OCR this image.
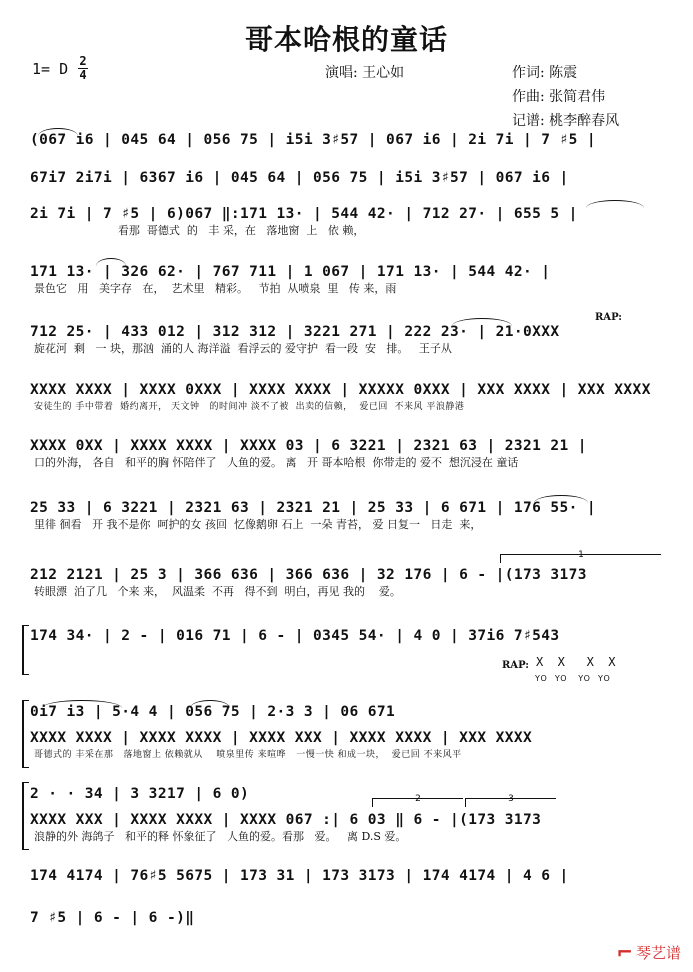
哥本哈根的童话
1= D 2
4	演唱: 王心如	作词: 陈震
作曲: 张简君伟
记谱: 桃李醉春风
(067 i6 | 045 64 | 056 75 | i5i 3♯57 | 067 i6 | 2i 7i | 7 ♯5 |
67i7 2i7i | 6367 i6 | 045 64 | 056 75 | i5i 3♯57 | 067 i6 |
2i 7i | 7 ♯5 | 6)067 ‖:171 13· | 544 42· | 712 27· | 655 5 |
看那  哥德式  的   丰 采，在   落地窗  上   依 赖，
171 13· | 326 62· | 767 711 | 1 067 | 171 13· | 544 42· |
景色它   用   美字存   在，  艺术里   精彩。   节拍  从喷泉  里   传 来，雨
RAP:
712 25· | 433 012 | 312 312 | 3221 271 | 222 23· | 21·0XXX
旋花河  剩   一 块，那汹  涌的人 海洋溢  看浮云的 爱守护  看一段  安   排。   王子从
XXXX XXXX | XXXX 0XXX | XXXX XXXX | XXXXX 0XXX | XXX XXXX | XXX XXXX
安徒生的 手中带着  婚约离开， 天文钟   的时间冲 淡不了被  出卖的信赖，  爱已回  不来风 平浪静港
XXXX 0XX | XXXX XXXX | XXXX 03 | 6 3221 | 2321 63 | 2321 21 |
口的外海， 各自   和平的胸 怀陪伴了   人鱼的爱。 离   开 哥本哈根  你带走的 爱不  想沉浸在 童话
25 33 | 6 3221 | 2321 63 | 2321 21 | 25 33 | 6 671 | 176 55· |
里徘 徊看   开 我不是你  呵护的女 孩回  忆像鹅卵 石上  一朵 青苔， 爱 日复一   日走  来，
1
212 2121 | 25 3 | 366 636 | 366 636 | 32 176 | 6 - |(173 3173
转眼漂  泊了几   个来 来，  风温柔  不再   得不到  明白，再见 我的    爱。
174 34· | 2 - | 016 71 | 6 - | 0345 54· | 4 0 | 37i6 7♯543
RAP: X  X   X  X
YO  YO   YO  YO
0i7 i3 | 5·4 4 | 056 75 | 2·3 3 | 06 671
XXXX XXXX | XXXX XXXX | XXXX XXX | XXXX XXXX | XXX XXXX
哥德式的 丰采在那   落地窗上 依赖就从    喷泉里传 来喧哗   一慢一快 和成一块，  爱已回 不来风平
2	3
2 · · 34 | 3 3217 | 6 0)
XXXX XXX | XXXX XXXX | XXXX 067 :| 6 03 ‖ 6 - |(173 3173
浪静的外 海鸽子   和平的释 怀象征了   人鱼的爱。看那   爱。   离 D.S 爱。
174 4174 | 76♯5 5675 | 173 31 | 173 3173 | 174 4174 | 4 6 |
7 ♯5 | 6 - | 6 -)‖
⌐ 琴艺谱
